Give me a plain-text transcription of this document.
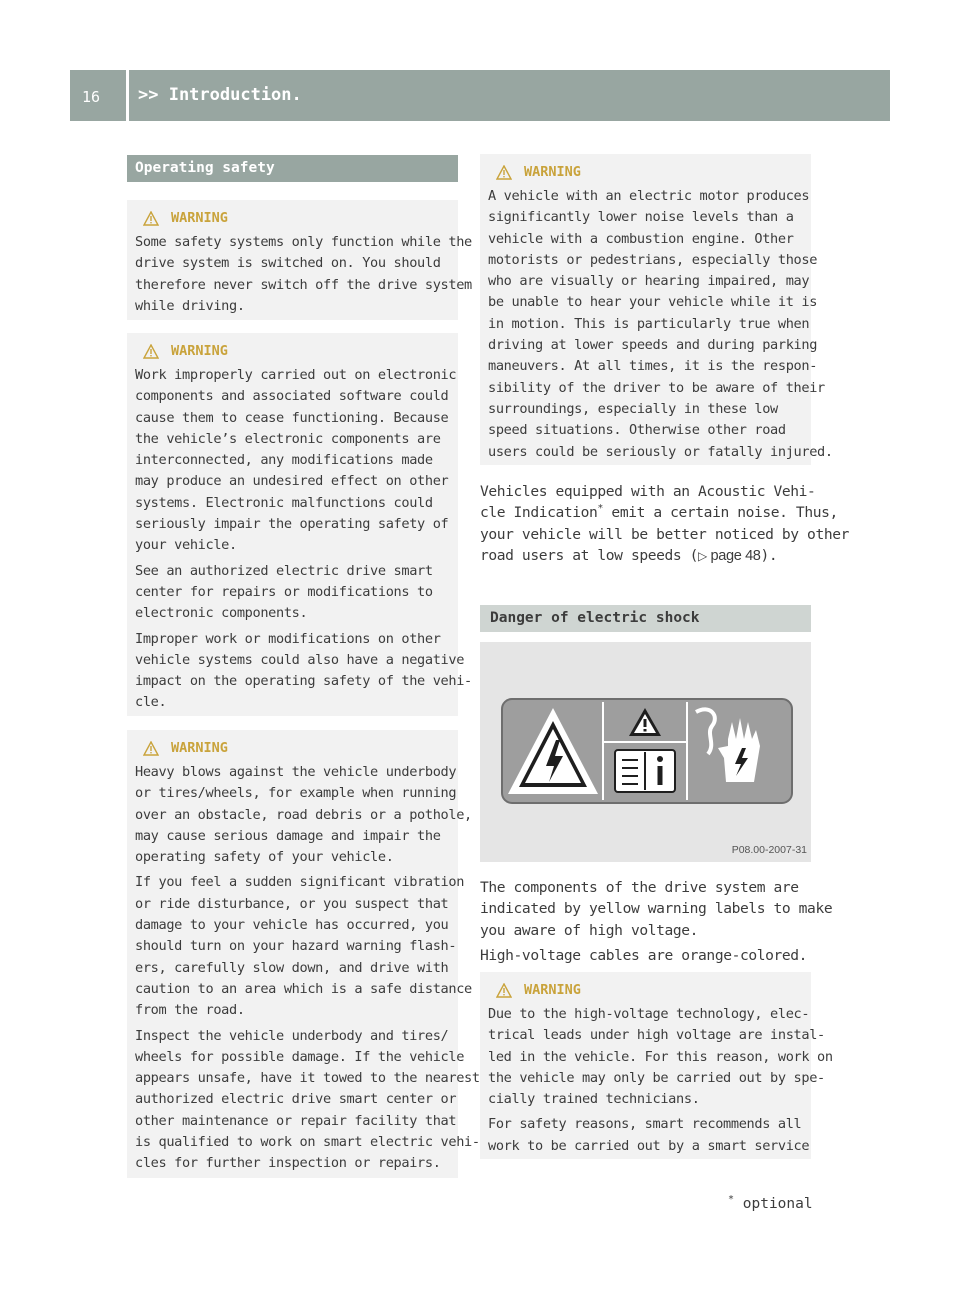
16 >> Introduction.
Operating safety
WARNING
Some safety systems only function while the
drive system is switched on. You should
therefore never switch off the drive system
while driving.
WARNING
Work improperly carried out on electronic
components and associated software could
cause them to cease functioning. Because
the vehicle’s electronic components are
interconnected, any modifications made
may produce an undesired effect on other
systems. Electronic malfunctions could
seriously impair the operating safety of
your vehicle.
See an authorized electric drive smart
center for repairs or modifications to
electronic components.
Improper work or modifications on other
vehicle systems could also have a negative
impact on the operating safety of the vehi-
cle.
WARNING
Heavy blows against the vehicle underbody
or tires/wheels, for example when running
over an obstacle, road debris or a pothole,
may cause serious damage and impair the
operating safety of your vehicle.
If you feel a sudden significant vibration
or ride disturbance, or you suspect that
damage to your vehicle has occurred, you
should turn on your hazard warning flash-
ers, carefully slow down, and drive with
caution to an area which is a safe distance
from the road.
Inspect the vehicle underbody and tires/
wheels for possible damage. If the vehicle
appears unsafe, have it towed to the nearest
authorized electric drive smart center or
other maintenance or repair facility that
is qualified to work on smart electric vehi-
cles for further inspection or repairs.
WARNING
A vehicle with an electric motor produces
significantly lower noise levels than a
vehicle with a combustion engine. Other
motorists or pedestrians, especially those
who are visually or hearing impaired, may
be unable to hear your vehicle while it is
in motion. This is particularly true when
driving at lower speeds and during parking
maneuvers. At all times, it is the respon-
sibility of the driver to be aware of their
surroundings, especially in these low
speed situations. Otherwise other road
users could be seriously or fatally injured.
Vehicles equipped with an Acoustic Vehi-
cle Indication* emit a certain noise. Thus,
your vehicle will be better noticed by other
road users at low speeds (▷ page 48).
Danger of electric shock
P08.00-2007-31
The components of the drive system are
indicated by yellow warning labels to make
you aware of high voltage.
High-voltage cables are orange-colored.
WARNING
Due to the high-voltage technology, elec-
trical leads under high voltage are instal-
led in the vehicle. For this reason, work on
the vehicle may only be carried out by spe-
cially trained technicians.
For safety reasons, smart recommends all
work to be carried out by a smart service
* optional
